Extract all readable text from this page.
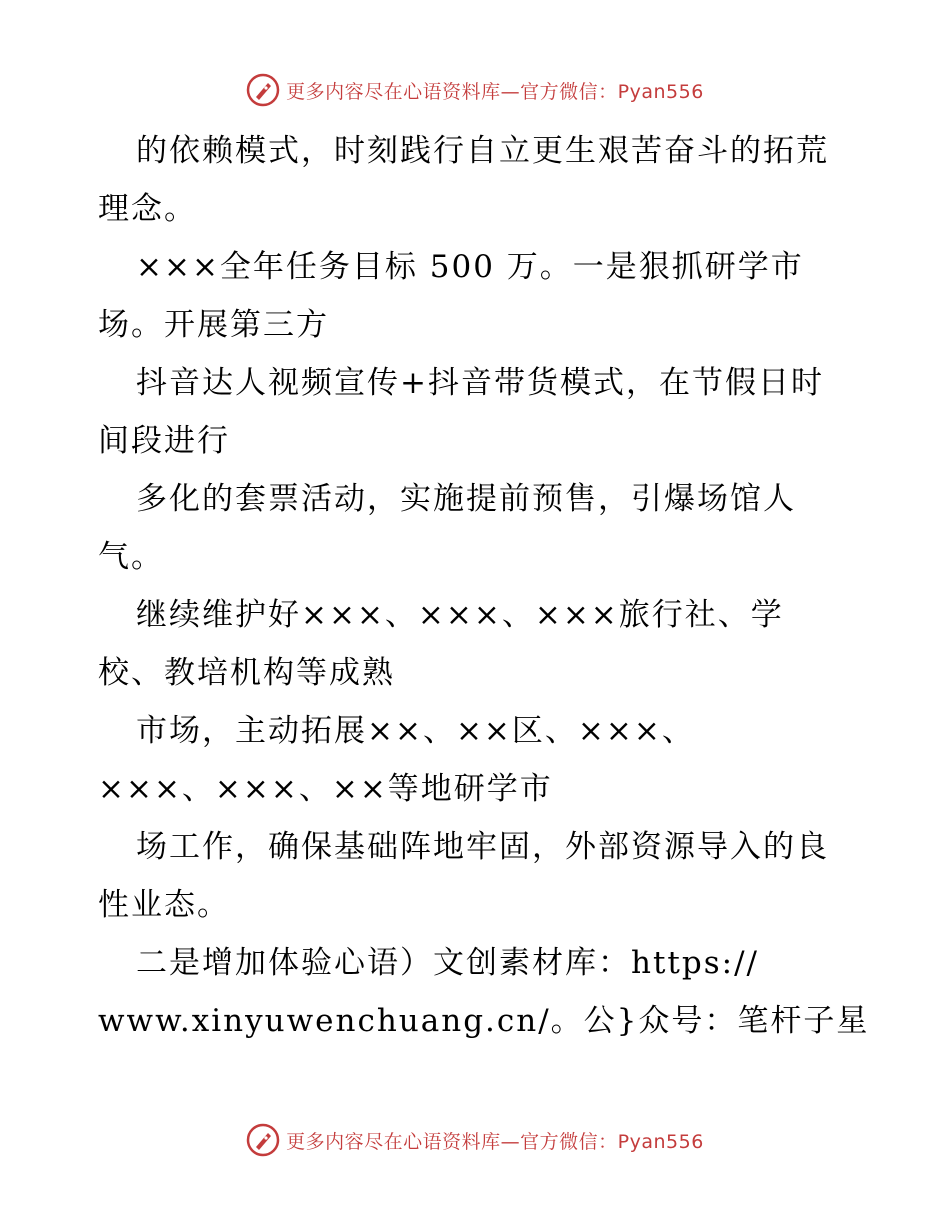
更多内容尽在心语资料库—官方微信：Pyan556
的依赖模式，时刻践行自立更生艰苦奋斗的拓荒
理念。
×××全年任务目标 500 万。一是狠抓研学市
场。开展第三方
抖音达人视频宣传+抖音带货模式，在节假日时
间段进行
多化的套票活动，实施提前预售，引爆场馆人
气。
继续维护好×××、×××、×××旅行社、学
校、教培机构等成熟
市场，主动拓展××、××区、×××、
×××、×××、××等地研学市
场工作，确保基础阵地牢固，外部资源导入的良
性业态。
二是增加体验心语）文创素材库：https://
www.xinyuwenchuang.cn/。公}众号：笔杆子星
更多内容尽在心语资料库—官方微信：Pyan556
